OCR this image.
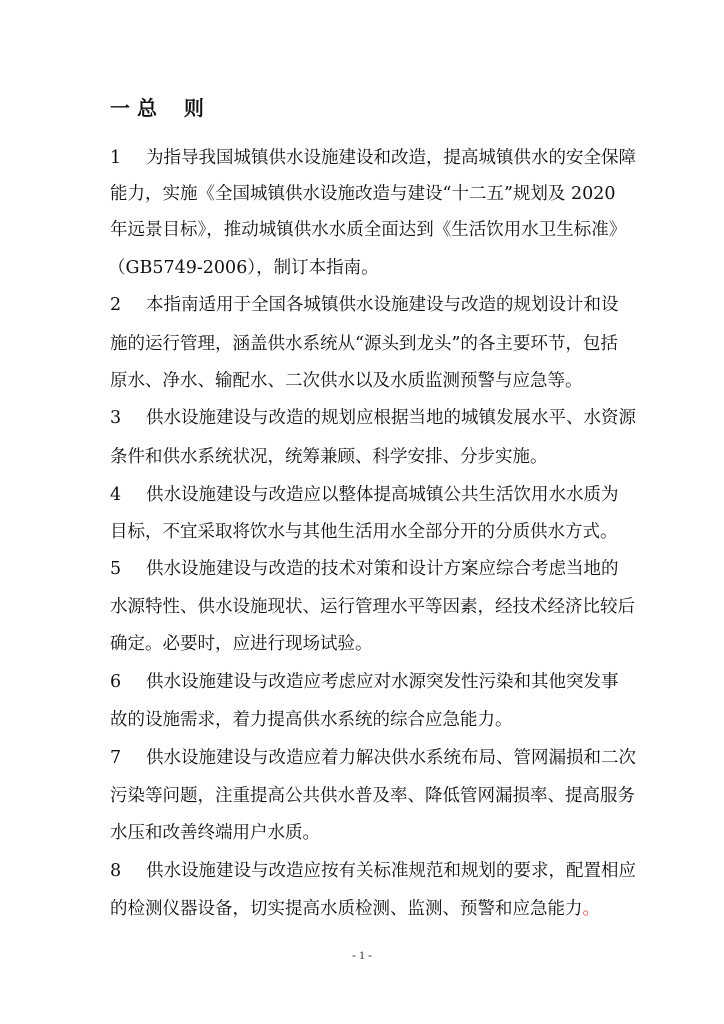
一 总　 则
1 为指导我国城镇供水设施建设和改造，提高城镇供水的安全保障
能力，实施《全国城镇供水设施改造与建设“十二五”规划及 2020
年远景目标》，推动城镇供水水质全面达到《生活饮用水卫生标准》
（GB5749-2006），制订本指南。
2 本指南适用于全国各城镇供水设施建设与改造的规划设计和设
施的运行管理，涵盖供水系统从“源头到龙头”的各主要环节，包括
原水、净水、输配水、二次供水以及水质监测预警与应急等。
3 供水设施建设与改造的规划应根据当地的城镇发展水平、水资源
条件和供水系统状况，统筹兼顾、科学安排、分步实施。
4 供水设施建设与改造应以整体提高城镇公共生活饮用水水质为
目标，不宜采取将饮水与其他生活用水全部分开的分质供水方式。
5 供水设施建设与改造的技术对策和设计方案应综合考虑当地的
水源特性、供水设施现状、运行管理水平等因素，经技术经济比较后
确定。必要时，应进行现场试验。
6 供水设施建设与改造应考虑应对水源突发性污染和其他突发事
故的设施需求，着力提高供水系统的综合应急能力。
7 供水设施建设与改造应着力解决供水系统布局、管网漏损和二次
污染等问题，注重提高公共供水普及率、降低管网漏损率、提高服务
水压和改善终端用户水质。
8 供水设施建设与改造应按有关标准规范和规划的要求，配置相应
的检测仪器设备，切实提高水质检测、监测、预警和应急能力。
- 1 -
